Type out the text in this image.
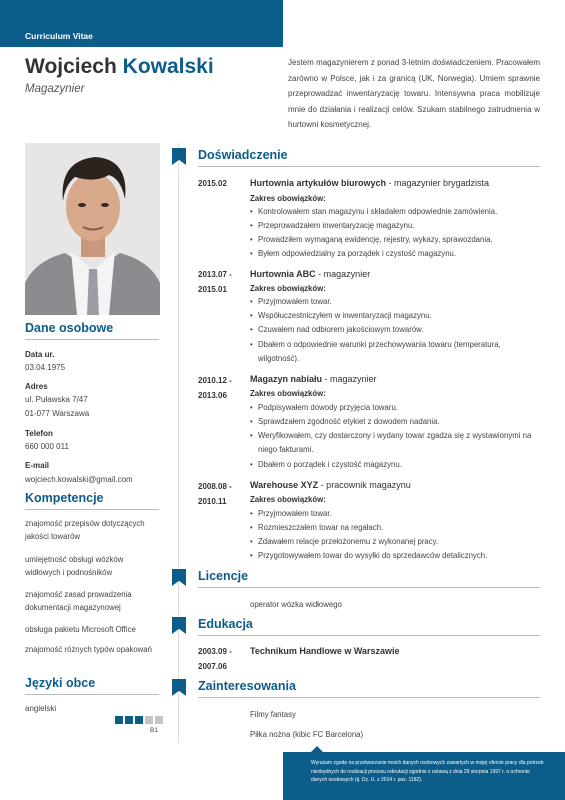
Curriculum Vitae
Wojciech Kowalski
Magazynier
Jestem magazynierem z ponad 3-letnim doświadczeniem. Pracowałem zarówno w Polsce, jak i za granicą (UK, Norwegia). Umiem sprawnie przeprowadzać inwentaryzację towaru. Intensywna praca mobilizuje mnie do działania i realizacji celów. Szukam stabilnego zatrudnienia w hurtowni kosmetycznej.
Dane osobowe
Data ur.
03.04.1975
Adres
ul. Puławska 7/47
01-077 Warszawa
Telefon
660 000 011
E-mail
wojciech.kowalski@gmail.com
Kompetencje
znajomość przepisów dotyczących jakości towarów
umiejętność obsługi wózków widłowych i podnośników
znajomość zasad prowadzenia dokumentacji magazynowej
obsługa pakietu Microsoft Office
znajomość różnych typów opakowań
Języki obce
angielski
B1
Doświadczenie
2015.02	Hurtownia artykułów biurowych - magazynier brygadzista
Zakres obowiązków:
• Kontrolowałem stan magazynu i składałem odpowiednie zamówienia.
• Przeprowadzałem inwentaryzację magazynu.
• Prowadziłem wymaganą ewidencję, rejestry, wykazy, sprawozdania.
• Byłem odpowiedzialny za porządek i czystość magazynu.
2013.07 -
2015.01
Hurtownia ABC - magazynier
Zakres obowiązków:
• Przyjmowałem towar.
• Współuczestniczyłem w inwentaryzacji magazynu.
• Czuwałem nad odbiorem jakościowym towarów.
• Dbałem o odpowiednie warunki przechowywania towaru (temperatura, wilgotność).
2010.12 -
2013.06
Magazyn nabiału - magazynier
Zakres obowiązków:
• Podpisywałem dowody przyjęcia towaru.
• Sprawdzałem zgodność etykiet z dowodem nadania.
• Weryfikowałem, czy dostarczony i wydany towar zgadza się z wystawionymi na niego fakturami.
• Dbałem o porządek i czystość magazynu.
2008.08 -
2010.11
Warehouse XYZ - pracownik magazynu
Zakres obowiązków:
• Przyjmowałem towar.
• Rozmieszczałem towar na regałach.
• Zdawałem relacje przełożonemu z wykonanej pracy.
• Przygotowywałem towar do wysyłki do sprzedawców detalicznych.
Licencje
operator wózka widłowego
Edukacja
2003.09 -
2007.06
Technikum Handlowe w Warszawie
Zainteresowania
Filmy fantasy
Piłka nożna (kibic FC Barcelona)

Wyrażam zgodę na przetwarzanie moich danych osobowych zawartych w mojej ofercie pracy dla potrzeb niezbędnych do realizacji procesu rekrutacji zgodnie z ustawą z dnia 29 sierpnia 1997 r. o ochronie danych osobowych (tj. Dz. U. z 2014 r. poz. 1182).
